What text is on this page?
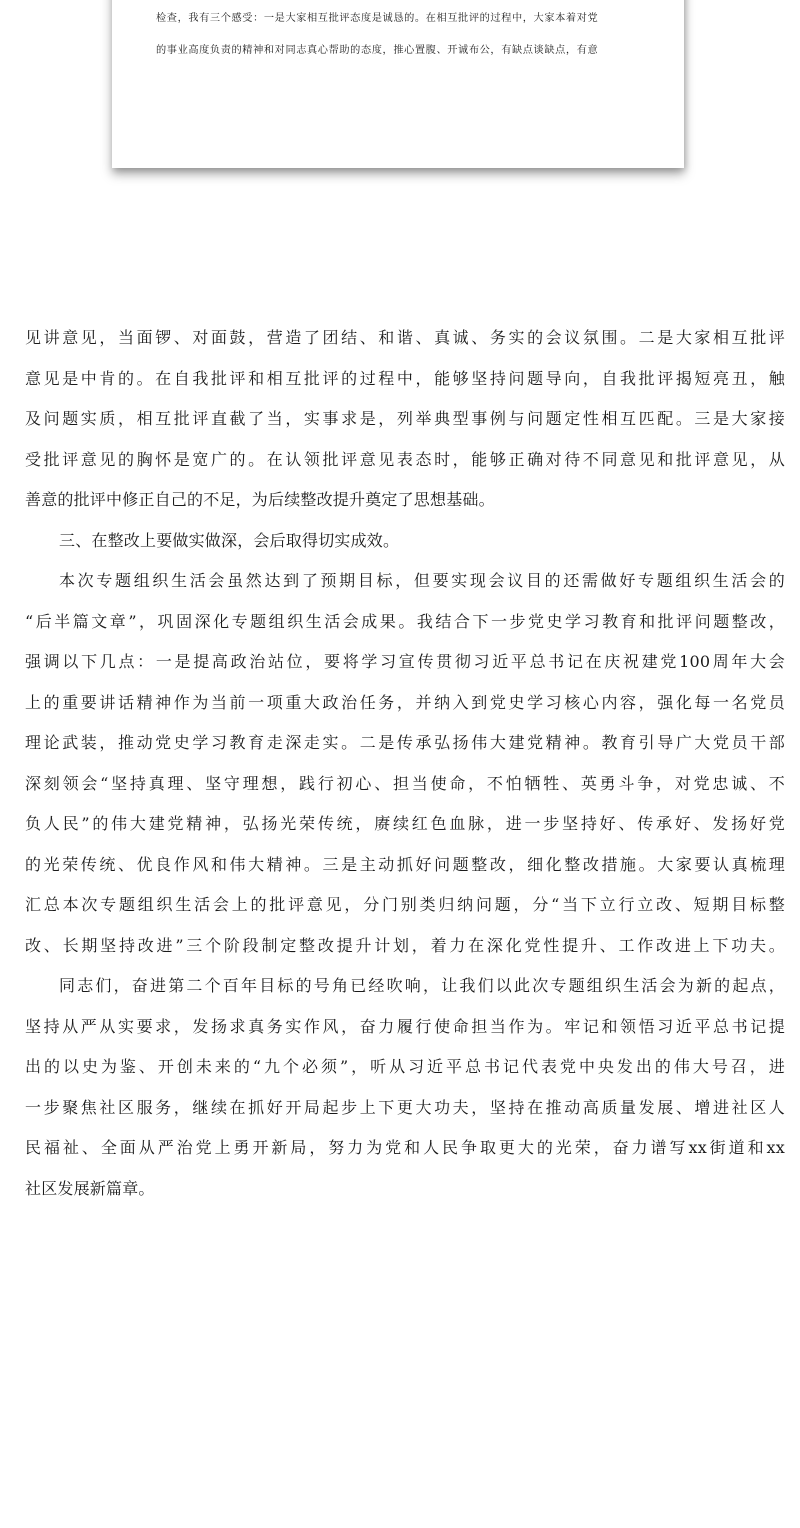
检查，我有三个感受：一是大家相互批评态度是诚恳的。在相互批评的过程中，大家本着对党
的事业高度负责的精神和对同志真心帮助的态度，推心置腹、开诚布公，有缺点谈缺点，有意
见讲意见，当面锣、对面鼓，营造了团结、和谐、真诚、务实的会议氛围。二是大家相互批评
意见是中肯的。在自我批评和相互批评的过程中，能够坚持问题导向，自我批评揭短亮丑，触
及问题实质，相互批评直截了当，实事求是，列举典型事例与问题定性相互匹配。三是大家接
受批评意见的胸怀是宽广的。在认领批评意见表态时，能够正确对待不同意见和批评意见，从
善意的批评中修正自己的不足，为后续整改提升奠定了思想基础。
三、在整改上要做实做深，会后取得切实成效。
本次专题组织生活会虽然达到了预期目标，但要实现会议目的还需做好专题组织生活会的
“后半篇文章”，巩固深化专题组织生活会成果。我结合下一步党史学习教育和批评问题整改，
强调以下几点：一是提高政治站位，要将学习宣传贯彻习近平总书记在庆祝建党100周年大会
上的重要讲话精神作为当前一项重大政治任务，并纳入到党史学习核心内容，强化每一名党员
理论武装，推动党史学习教育走深走实。二是传承弘扬伟大建党精神。教育引导广大党员干部
深刻领会“坚持真理、坚守理想，践行初心、担当使命，不怕牺牲、英勇斗争，对党忠诚、不
负人民”的伟大建党精神，弘扬光荣传统，赓续红色血脉，进一步坚持好、传承好、发扬好党
的光荣传统、优良作风和伟大精神。三是主动抓好问题整改，细化整改措施。大家要认真梳理
汇总本次专题组织生活会上的批评意见，分门别类归纳问题，分“当下立行立改、短期目标整
改、长期坚持改进”三个阶段制定整改提升计划，着力在深化党性提升、工作改进上下功夫。
同志们，奋进第二个百年目标的号角已经吹响，让我们以此次专题组织生活会为新的起点，
坚持从严从实要求，发扬求真务实作风，奋力履行使命担当作为。牢记和领悟习近平总书记提
出的以史为鉴、开创未来的“九个必须”，听从习近平总书记代表党中央发出的伟大号召，进
一步聚焦社区服务，继续在抓好开局起步上下更大功夫，坚持在推动高质量发展、增进社区人
民福祉、全面从严治党上勇开新局，努力为党和人民争取更大的光荣，奋力谱写xx街道和xx
社区发展新篇章。
